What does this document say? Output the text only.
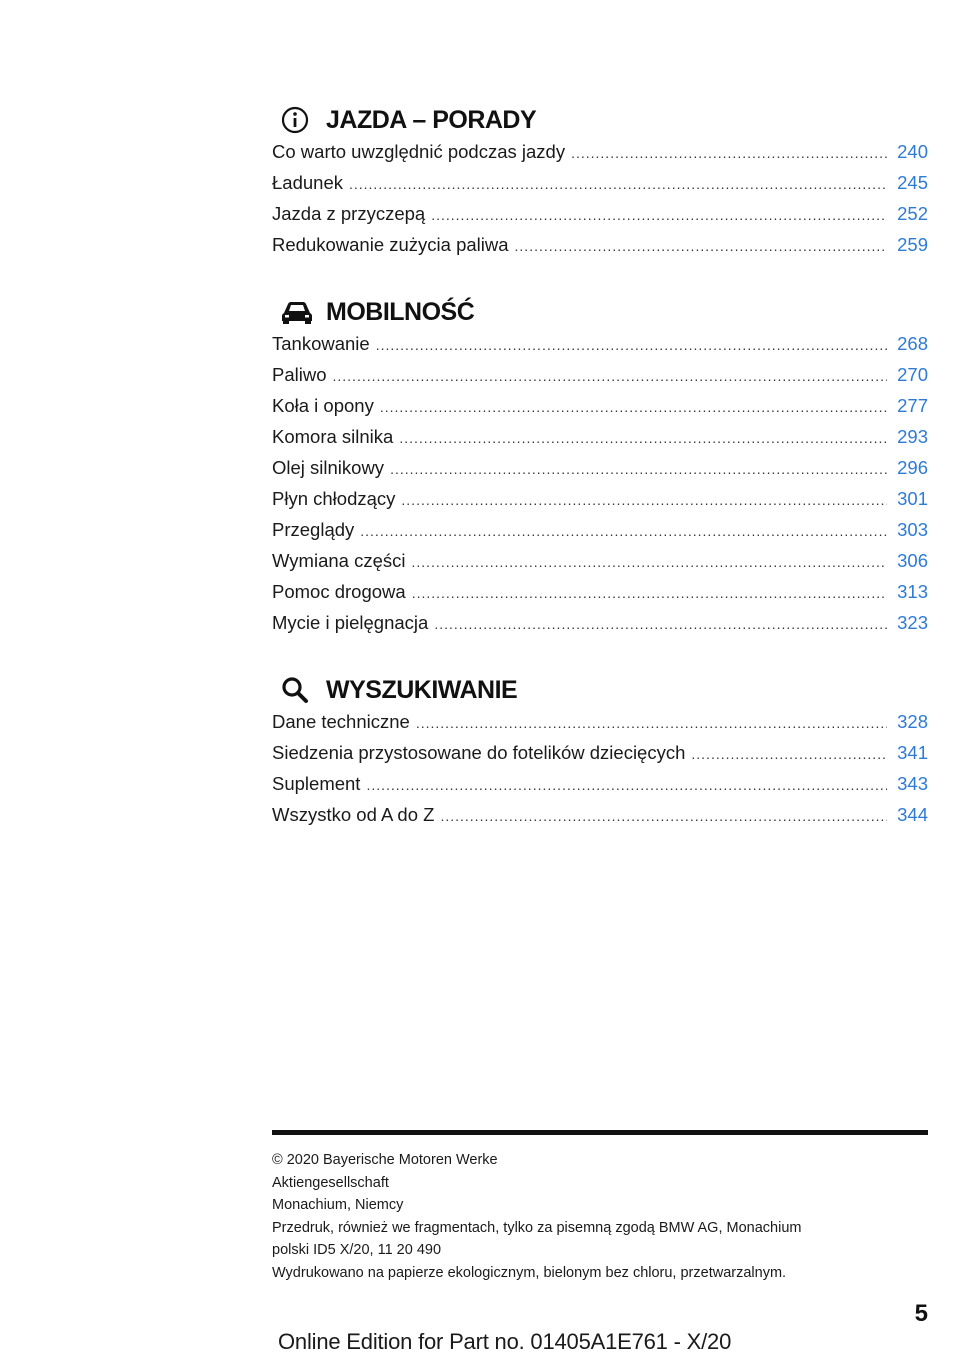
JAZDA – PORADY
Co warto uwzględnić podczas jazdy .....	240
Ładunek .....	245
Jazda z przyczepą .....	252
Redukowanie zużycia paliwa .....	259
MOBILNOŚĆ
Tankowanie .....	268
Paliwo .....	270
Koła i opony .....	277
Komora silnika .....	293
Olej silnikowy .....	296
Płyn chłodzący .....	301
Przeglądy .....	303
Wymiana części .....	306
Pomoc drogowa .....	313
Mycie i pielęgnacja .....	323
WYSZUKIWANIE
Dane techniczne .....	328
Siedzenia przystosowane do fotelików dziecięcych .....	341
Suplement .....	343
Wszystko od A do Z .....	344
© 2020 Bayerische Motoren Werke
Aktiengesellschaft
Monachium, Niemcy
Przedruk, również we fragmentach, tylko za pisemną zgodą BMW AG, Monachium
polski ID5 X/20, 11 20 490
Wydrukowano na papierze ekologicznym, bielonym bez chloru, przetwarzalnym.
5
Online Edition for Part no. 01405A1E761 - X/20
